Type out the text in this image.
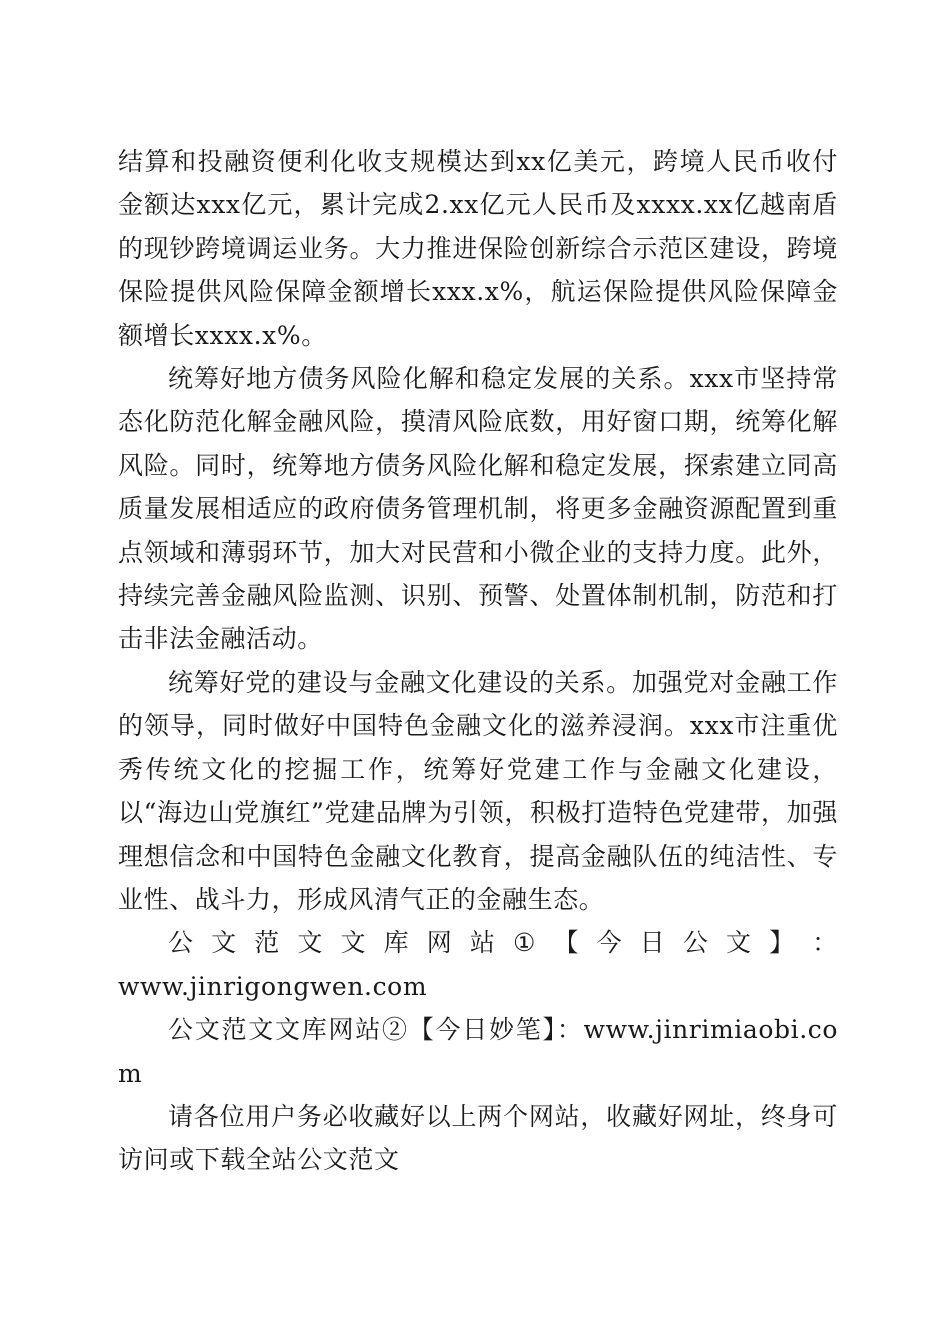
结算和投融资便利化收支规模达到xx亿美元，跨境人民币收付金额达xxx亿元，累计完成2.xx亿元人民币及xxxx.xx亿越南盾的现钞跨境调运业务。大力推进保险创新综合示范区建设，跨境保险提供风险保障金额增长xxx.x%，航运保险提供风险保障金额增长xxxx.x%。

统筹好地方债务风险化解和稳定发展的关系。xxx市坚持常态化防范化解金融风险，摸清风险底数，用好窗口期，统筹化解风险。同时，统筹地方债务风险化解和稳定发展，探索建立同高质量发展相适应的政府债务管理机制，将更多金融资源配置到重点领域和薄弱环节，加大对民营和小微企业的支持力度。此外，持续完善金融风险监测、识别、预警、处置体制机制，防范和打击非法金融活动。

统筹好党的建设与金融文化建设的关系。加强党对金融工作的领导，同时做好中国特色金融文化的滋养浸润。xxx市注重优秀传统文化的挖掘工作，统筹好党建工作与金融文化建设，以“海边山党旗红”党建品牌为引领，积极打造特色党建带，加强理想信念和中国特色金融文化教育，提高金融队伍的纯洁性、专业性、战斗力，形成风清气正的金融生态。

公 文 范 文 文 库 网 站 ① 【 今 日 公 文 】 ：
www.jinrigongwen.com

公文范文文库网站②【今日妙笔】：www.jinrimiaobi.com

请各位用户务必收藏好以上两个网站，收藏好网址，终身可访问或下载全站公文范文
